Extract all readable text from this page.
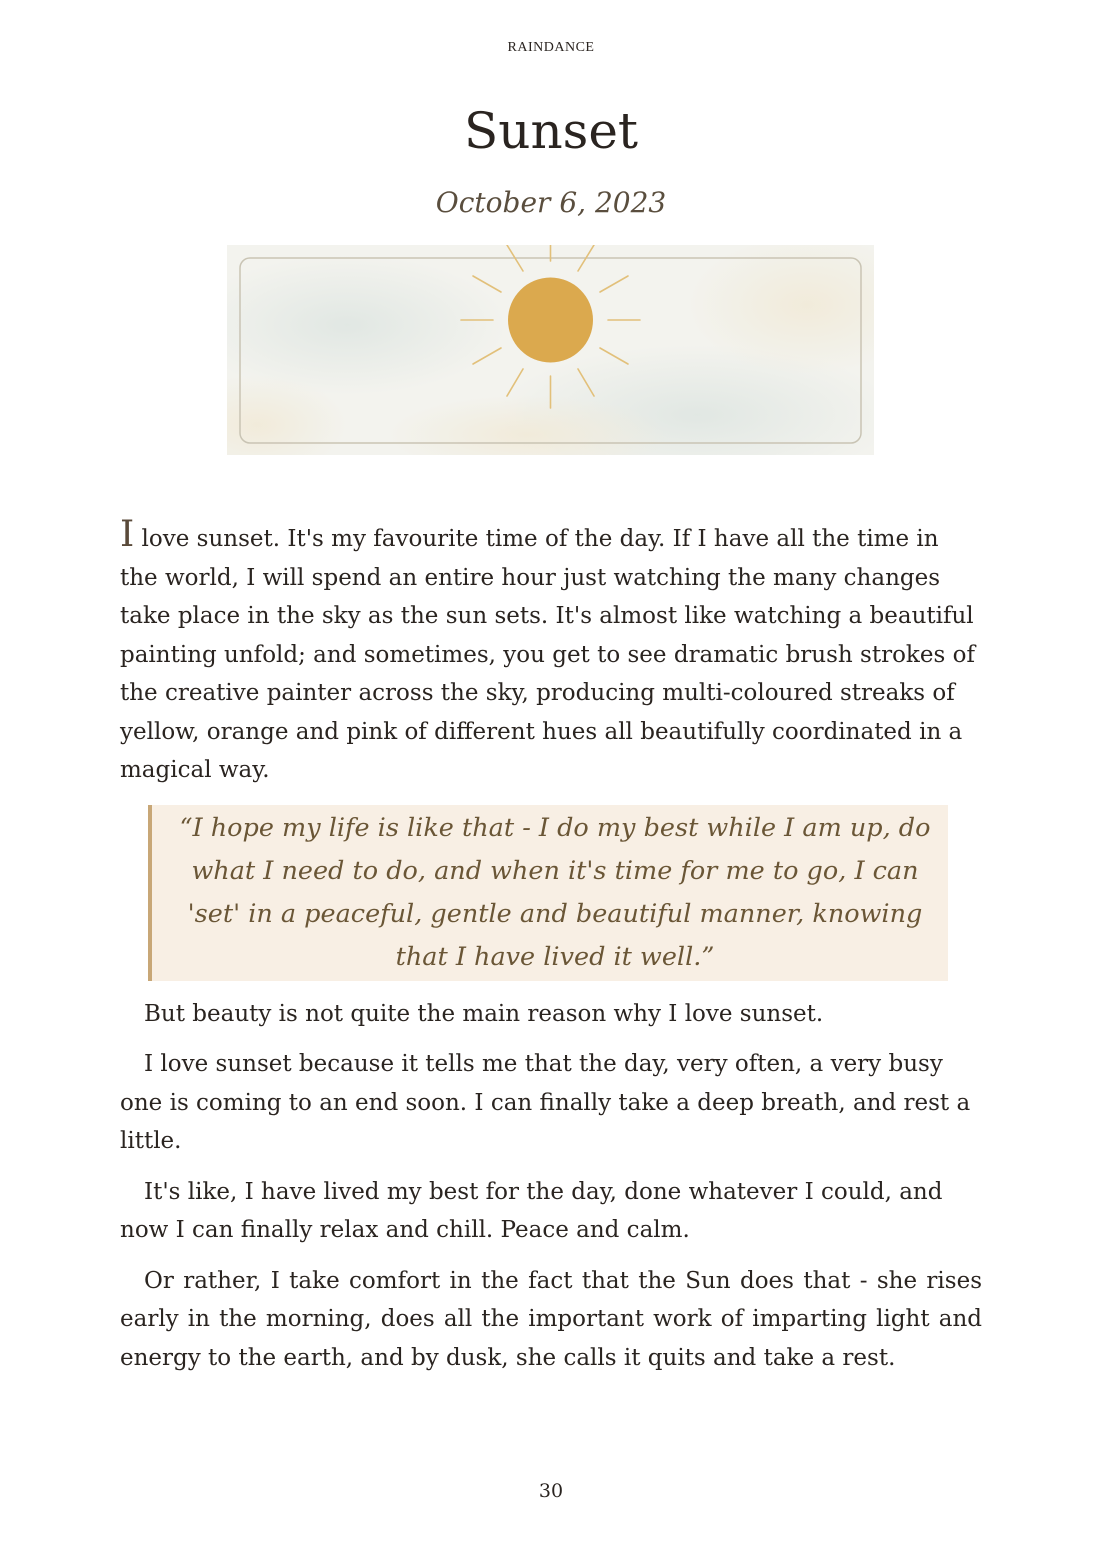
RAINDANCE
Sunset
October 6, 2023

I love sunset. It's my favourite time of the day. If I have all the time in the world, I will spend an entire hour just watching the many changes take place in the sky as the sun sets. It's almost like watching a beautiful painting unfold; and sometimes, you get to see dramatic brush strokes of the creative painter across the sky, producing multi-coloured streaks of yellow, orange and pink of different hues all beautifully coordinated in a magical way.

“I hope my life is like that - I do my best while I am up, do what I need to do, and when it's time for me to go, I can 'set' in a peaceful, gentle and beautiful manner, knowing that I have lived it well.”

But beauty is not quite the main reason why I love sunset.

I love sunset because it tells me that the day, very often, a very busy one is coming to an end soon. I can finally take a deep breath, and rest a little.

It's like, I have lived my best for the day, done whatever I could, and now I can finally relax and chill. Peace and calm.

Or rather, I take comfort in the fact that the Sun does that - she rises early in the morning, does all the important work of imparting light and energy to the earth, and by dusk, she calls it quits and take a rest.

30
